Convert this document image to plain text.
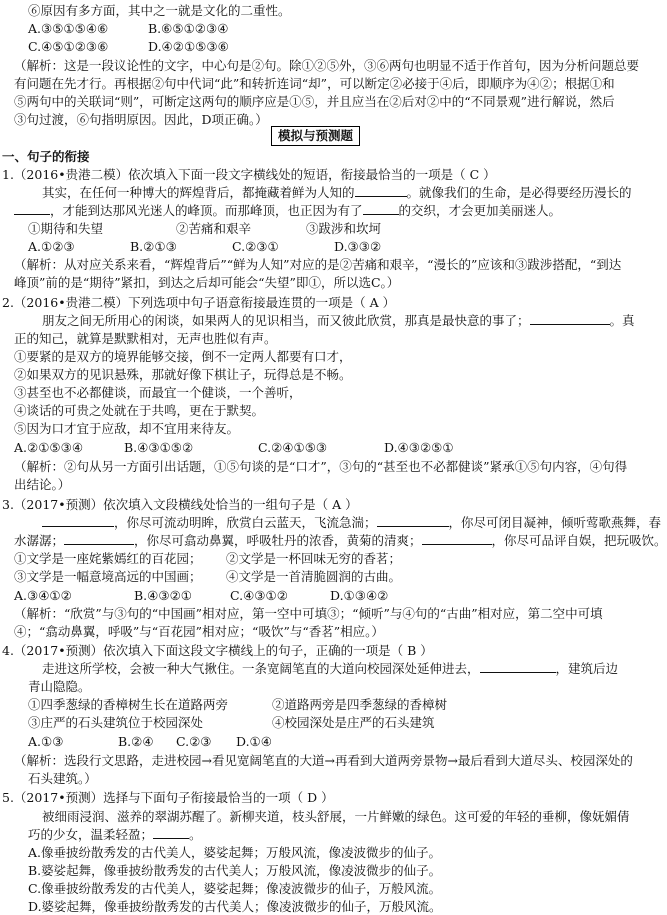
⑥原因有多方面，其中之一就是文化的二重性。
A.③⑤①⑤④⑥	B.⑥⑤①②③④
C.④⑤①②③⑥	D.④②①⑤③⑥
（解析：这是一段议论性的文字，中心句是②句。除①②⑤外，③⑥两句也明显不适于作首句，因为分析问题总要
有问题在先才行。再根据②句中代词“此”和转折连词“却”，可以断定②必接于④后，即顺序为④②；根据①和
⑤两句中的关联词“则”，可断定这两句的顺序应是①⑤，并且应当在②后对②中的“不同景观”进行解说，然后
③句过渡，⑥句指明原因。因此，D项正确。）
模拟与预测题
一、句子的衔接
1.（2016•贵港二模）依次填入下面一段文字横线处的短语，衔接最恰当的一项是（ C ）
其实，在任何一种博大的辉煌背后，都掩藏着鲜为人知的	。就像我们的生命，是必得要经历漫长的
，才能到达那风光迷人的峰顶。而那峰顶，也正因为有了	的交织，才会更加美丽迷人。
①期待和失望	②苦痛和艰辛	③跋涉和坎坷
A.①②③	B.②①③	C.②③①	D.③③②
（解析：从对应关系来看，“辉煌背后”“鲜为人知”对应的是②苦痛和艰辛，“漫长的”应该和③跋涉搭配，“到达
峰顶”前的是“期待”紧扣，到达之后却可能会“失望”即①，所以选C。）
2.（2016•贵港二模）下列选项中句子语意衔接最连贯的一项是（ A ）
朋友之间无所用心的闲谈，如果两人的见识相当，而又彼此欣赏，那真是最快意的事了；	。真
正的知己，就算是默默相对，无声也胜似有声。
①要紧的是双方的境界能够交接，倒不一定两人都要有口才，
②如果双方的见识悬殊，那就好像下棋让子，玩得总是不畅。
③甚至也不必都健谈，而最宜一个健谈，一个善听，
④谈话的可贵之处就在于共鸣，更在于默契。
⑤因为口才宜于应敌，却不宜用来待友。
A.②①⑤③④	B.④③①⑤②	C.②④①⑤③	D.④③②⑤①
（解析：②句从另一方面引出话题，①⑤句谈的是“口才”，③句的“甚至也不必都健谈”紧承①⑤句内容，④句得
出结论。）
3.（2017•预测）依次填入文段横线处恰当的一组句子是（ A ）
，你尽可流动明眸，欣赏白云蓝天，飞流急湍；	，你尽可闭目凝神，倾听莺歌燕舞，春
水潺潺；	，你尽可翕动鼻翼，呼吸牡丹的浓香，黄菊的清爽；	，你尽可品评自娱，把玩吸饮。
①文学是一座姹紫嫣红的百花园； ②文学是一杯回味无穷的香茗；
③文学是一幅意境高远的中国画； ④文学是一首清脆圆润的古曲。
A.③④①②	B.④③②①	C.④③①②	D.①③④②
（解析：“欣赏”与③句的“中国画”相对应，第一空中可填③；“倾听”与④句的“古曲”相对应，第二空中可填
④；“翕动鼻翼，呼吸”与“百花园”相对应；“吸饮”与“香茗”相应。）
4.（2017•预测）依次填入下面这段文字横线上的句子，正确的一项是（ B ）
走进这所学校，会被一种大气揪住。一条宽阔笔直的大道向校园深处延伸进去，	，建筑后边
青山隐隐。
①四季葱绿的香樟树生长在道路两旁	②道路两旁是四季葱绿的香樟树
③庄严的石头建筑位于校园深处	④校园深处是庄严的石头建筑
A.①③	B.②④ C.②③ D.①④
（解析：选段行文思路，走进校园→看见宽阔笔直的大道→再看到大道两旁景物→最后看到大道尽头、校园深处的
石头建筑。）
5.（2017•预测）选择与下面句子衔接最恰当的一项（ D ）
被细雨浸润、滋养的翠湖苏醒了。新柳夹道，枝头舒展，一片鲜嫩的绿色。这可爱的年轻的垂柳，像妩媚倩
巧的少女，温柔轻盈；	。
A.像垂披纷散秀发的古代美人，婆娑起舞；万般风流，像凌波微步的仙子。
B.婆娑起舞，像垂披纷散秀发的古代美人；万般风流，像凌波微步的仙子。
C.像垂披纷散秀发的古代美人，婆娑起舞；像凌波微步的仙子，万般风流。
D.婆娑起舞，像垂披纷散秀发的古代美人；像凌波微步的仙子，万般风流。
